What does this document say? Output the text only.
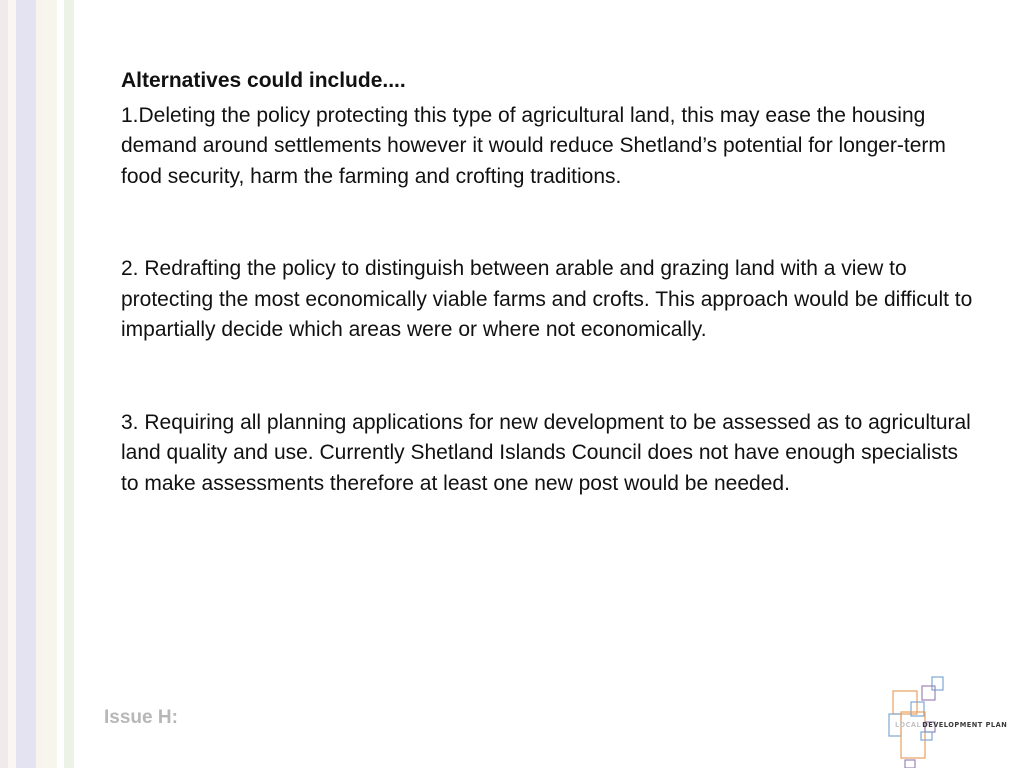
Alternatives could include....

1.Deleting the policy protecting this type of agricultural land, this may ease the housing demand around settlements however it would reduce Shetland’s potential for longer-term food security, harm the farming and crofting traditions.

2. Redrafting the policy to distinguish between arable and grazing land with a view to protecting the most economically viable farms and crofts. This approach would be difficult to impartially decide which areas were or where not economically.

3. Requiring all planning applications for new development to be assessed as to agricultural land quality and use. Currently Shetland Islands Council does not have enough specialists to make assessments therefore at least one new post would be needed.

Issue H:	LOCALDEVELOPMENT PLAN
